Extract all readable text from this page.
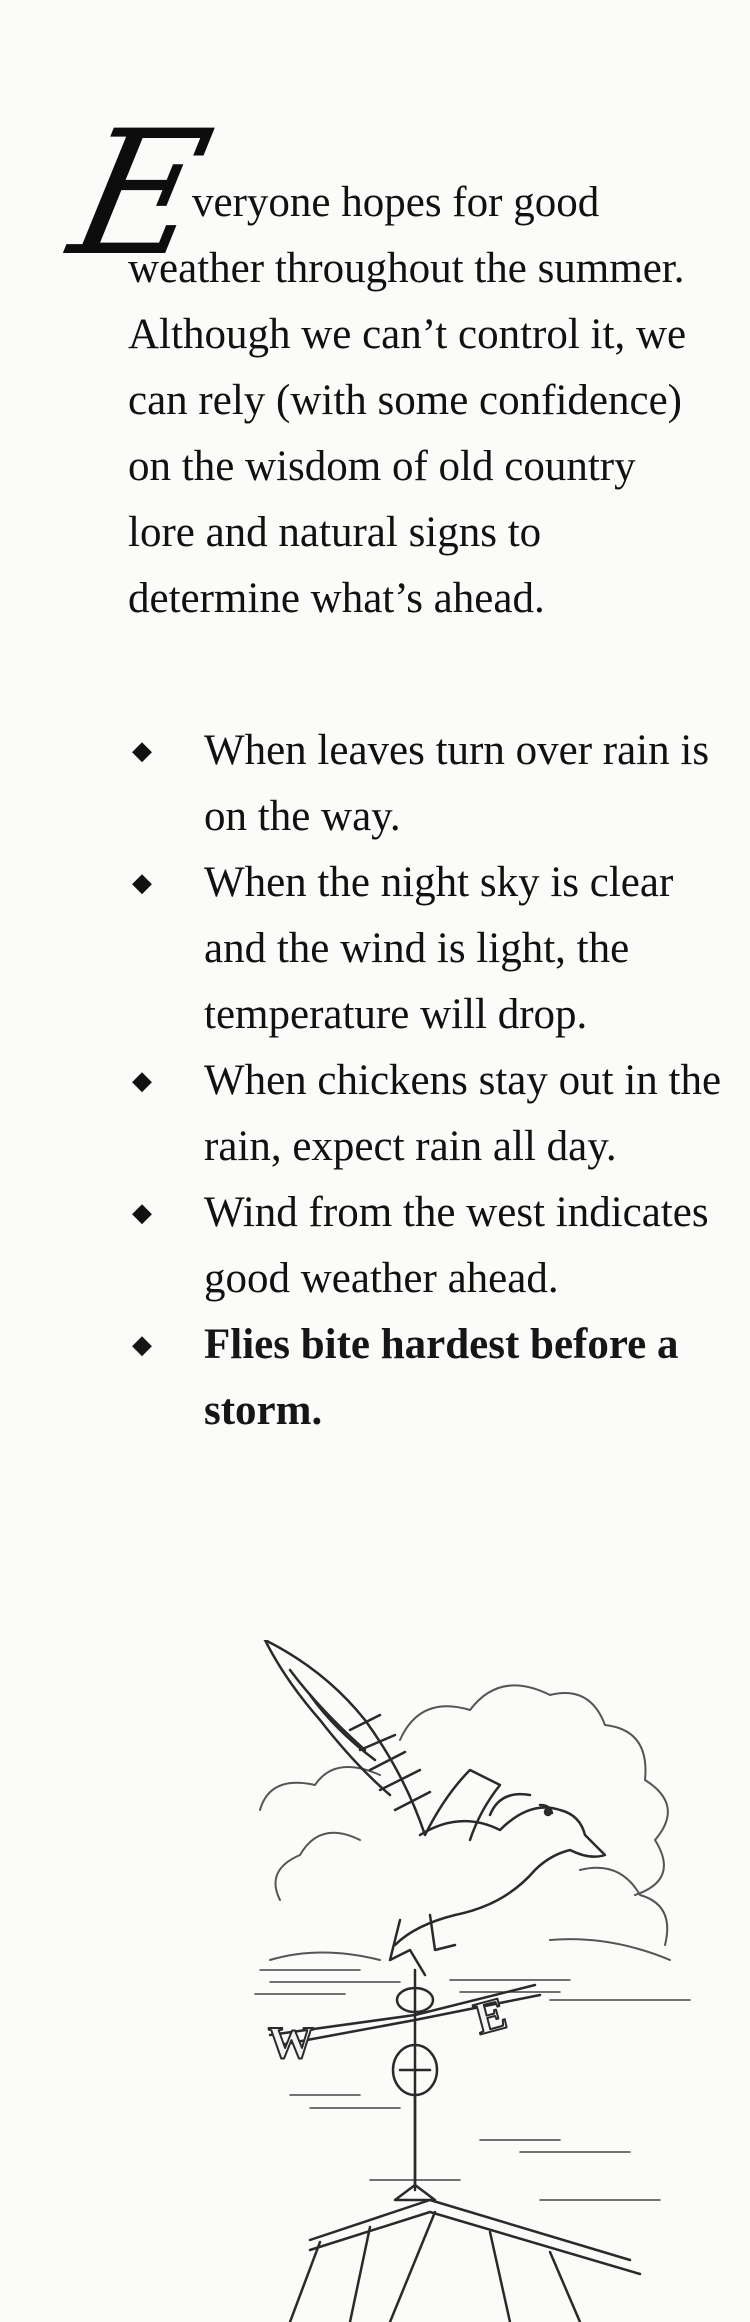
E

veryone hopes for good weather throughout the summer. Although we can’t control it, we can rely (with some confidence) on the wisdom of old country lore and natural signs to determine what’s ahead.

◆ When leaves turn over rain is on the way.
◆ When the night sky is clear and the wind is light, the temperature will drop.
◆ When chickens stay out in the rain, expect rain all day.
◆ Wind from the west indicates good weather ahead.
◆ Flies bite hardest before a storm.
W	E
